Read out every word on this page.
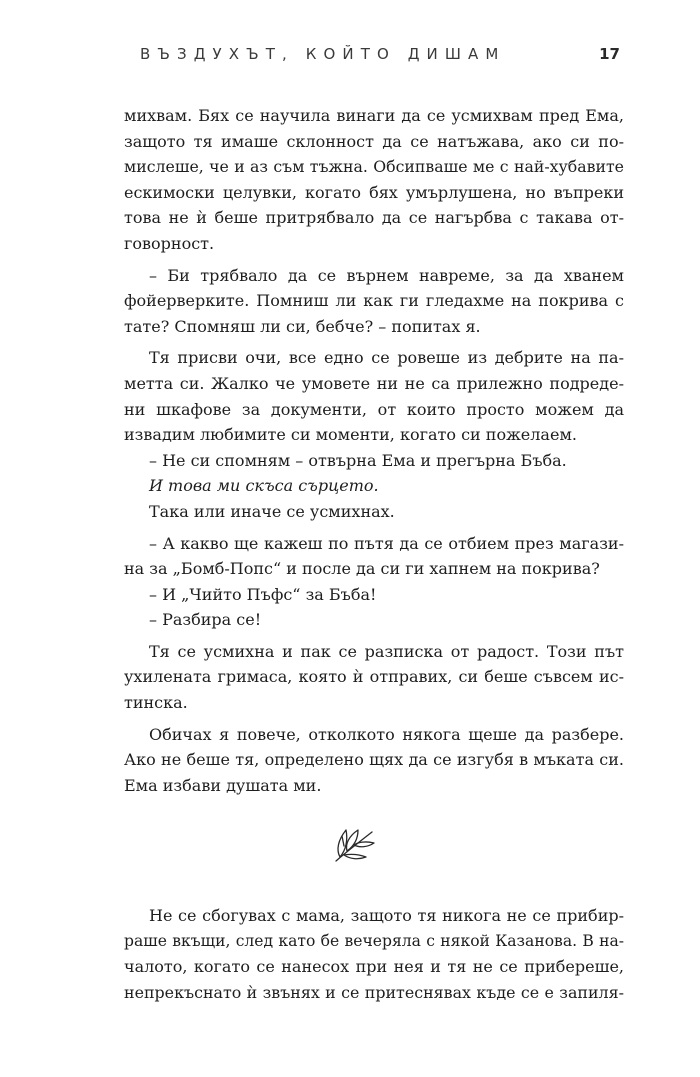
ВЪЗДУХЪТ, КОЙТО ДИШАМ	17
михвам. Бях се научила винаги да се усмихвам пред Ема,
защото тя имаше склонност да се натъжава, ако си по-
мислеше, че и аз съм тъжна. Обсипваше ме с най-хубавите
ескимоски целувки, когато бях умърлушена, но въпреки
това не ѝ беше притрябвало да се нагърбва с такава от-
говорност.
– Би трябвало да се върнем навреме, за да хванем
фойерверките. Помниш ли как ги гледахме на покрива с
тате? Спомняш ли си, бебче? – попитах я.
Тя присви очи, все едно се ровеше из дебрите на па-
метта си. Жалко че умовете ни не са прилежно подреде-
ни шкафове за документи, от които просто можем да
извадим любимите си моменти, когато си пожелаем.
– Не си спомням – отвърна Ема и прегърна Бъба.
И това ми скъса сърцето.
Така или иначе се усмихнах.
– А какво ще кажеш по пътя да се отбием през магази-
на за „Бомб-Попс“ и после да си ги хапнем на покрива?
– И „Чийто Пъфс“ за Бъба!
– Разбира се!
Тя се усмихна и пак се разписка от радост. Този път
ухилената гримаса, която ѝ отправих, си беше съвсем ис-
тинска.
Обичах я повече, отколкото някога щеше да разбере.
Ако не беше тя, определено щях да се изгубя в мъката си.
Ема избави душата ми.
Не се сбогувах с мама, защото тя никога не се прибир-
раше вкъщи, след като бе вечеряла с някой Казанова. В на-
чалото, когато се нанесох при нея и тя не се прибереше,
непрекъснато ѝ звънях и се притеснявах къде се е запиля-
